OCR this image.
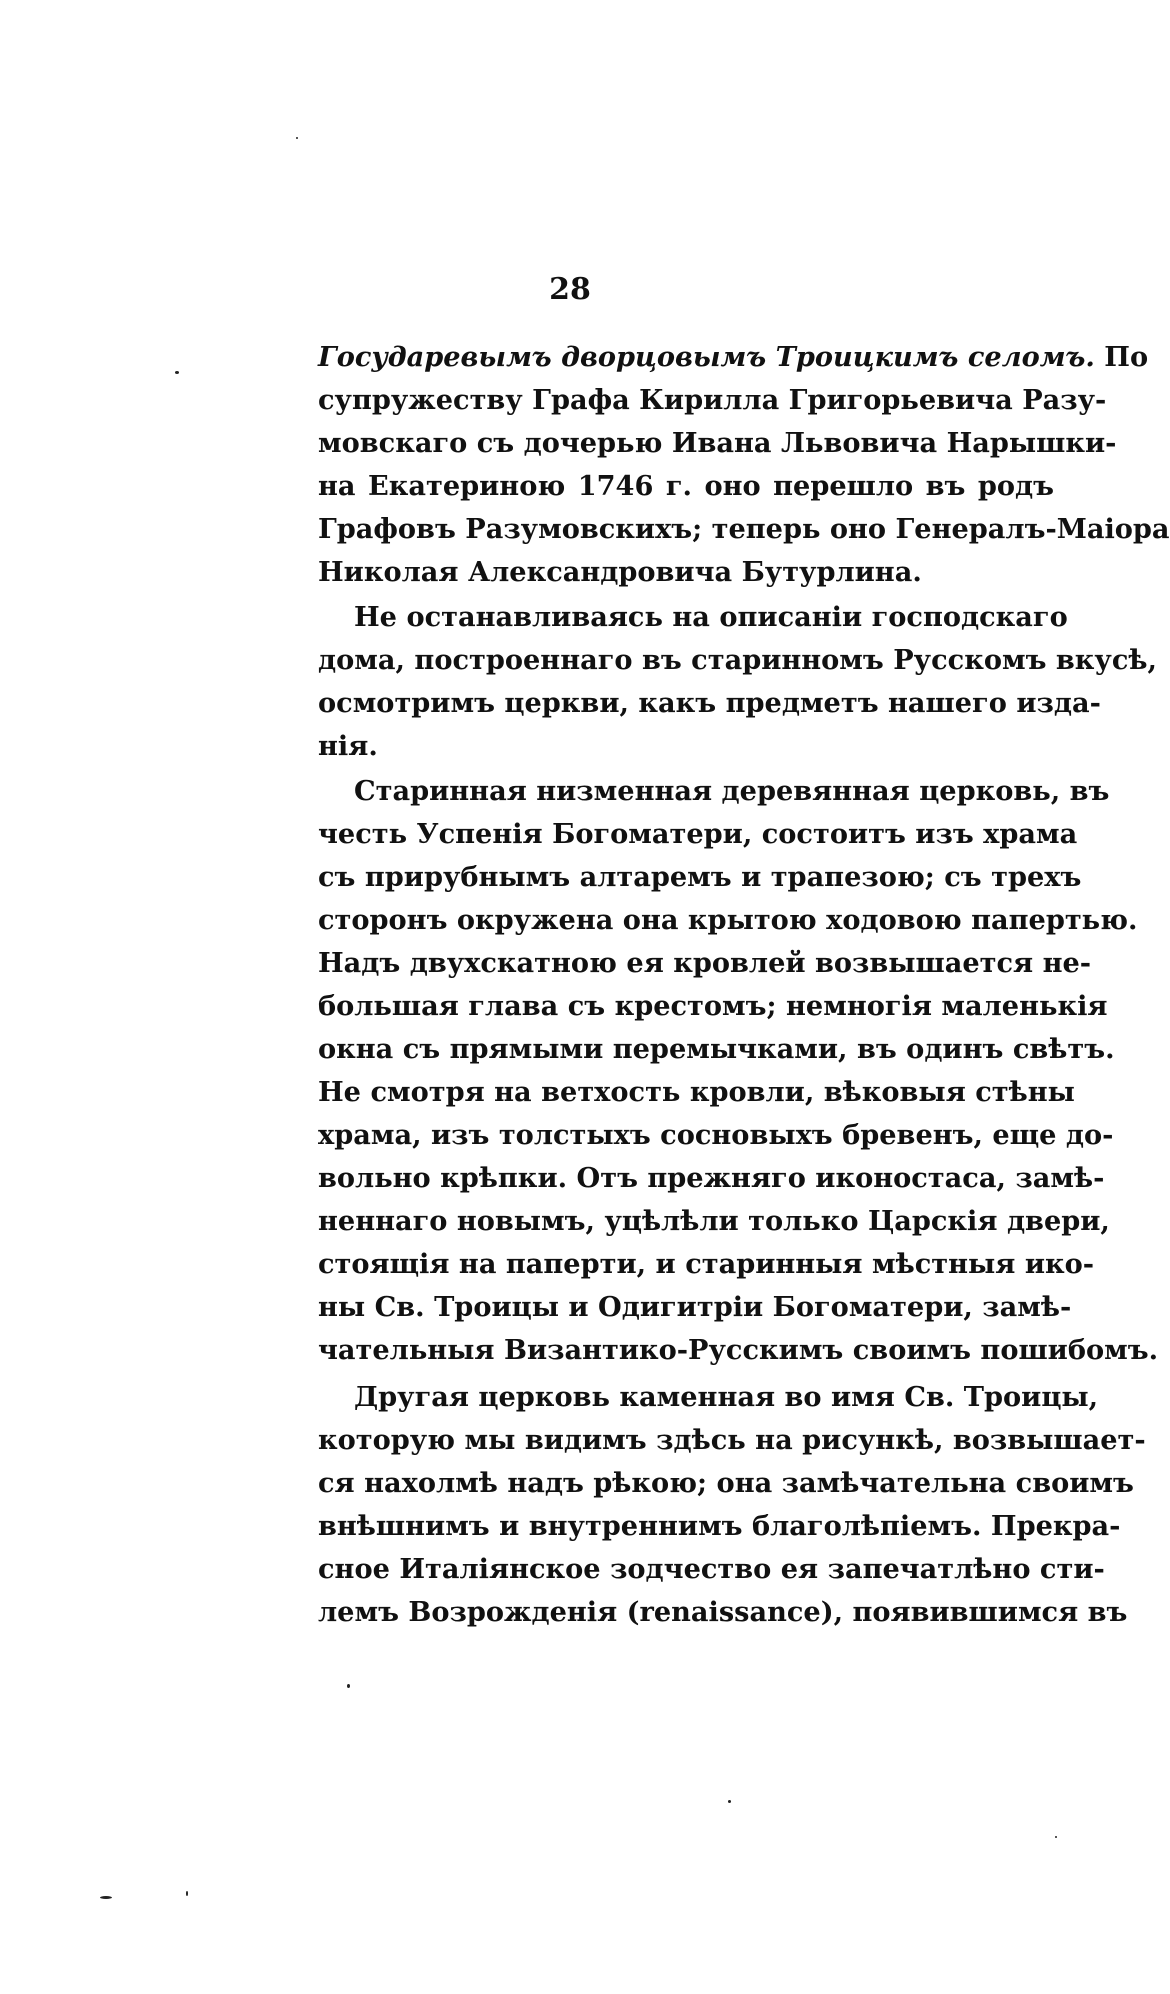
28
Государевымъ дворцовымъ Троицкимъ селомъ. По
супружеству Графа Кирилла Григорьевича Разу-
мовскаго съ дочерью Ивана Львовича Нарышки-
на Екатериною 1746 г. оно перешло въ родъ
Графовъ Разумовскихъ; теперь оно Генералъ-Маiора
Николая Александровича Бутурлина.
Не останавливаясь на описанiи господскаго
дома, построеннаго въ старинномъ Русскомъ вкусѣ,
осмотримъ церкви, какъ предметъ нашего изда-
нiя.
Старинная низменная деревянная церковь, въ
честь Успенiя Богоматери, состоитъ изъ храма
съ прирубнымъ алтаремъ и трапезою; съ трехъ
сторонъ окружена она крытою ходовою папертью.
Надъ двухскатною ея кровлей возвышается не-
большая глава съ крестомъ; немногiя маленькiя
окна съ прямыми перемычками, въ одинъ свѣтъ.
Не смотря на ветхость кровли, вѣковыя стѣны
храма, изъ толстыхъ сосновыхъ бревенъ, еще до-
вольно крѣпки. Отъ прежняго иконостаса, замѣ-
неннаго новымъ, уцѣлѣли только Царскiя двери,
стоящiя на паперти, и старинныя мѣстныя ико-
ны Св. Троицы и Одигитрiи Богоматери, замѣ-
чательныя Византико-Русскимъ своимъ пошибомъ.
Другая церковь каменная во имя Св. Троицы,
которую мы видимъ здѣсь на рисункѣ, возвышает-
ся нахолмѣ надъ рѣкою; она замѣчательна своимъ
внѣшнимъ и внутреннимъ благолѣпiемъ. Прекра-
сное Италiянское зодчество ея запечатлѣно сти-
лемъ Возрожденiя (renaissance), появившимся въ
